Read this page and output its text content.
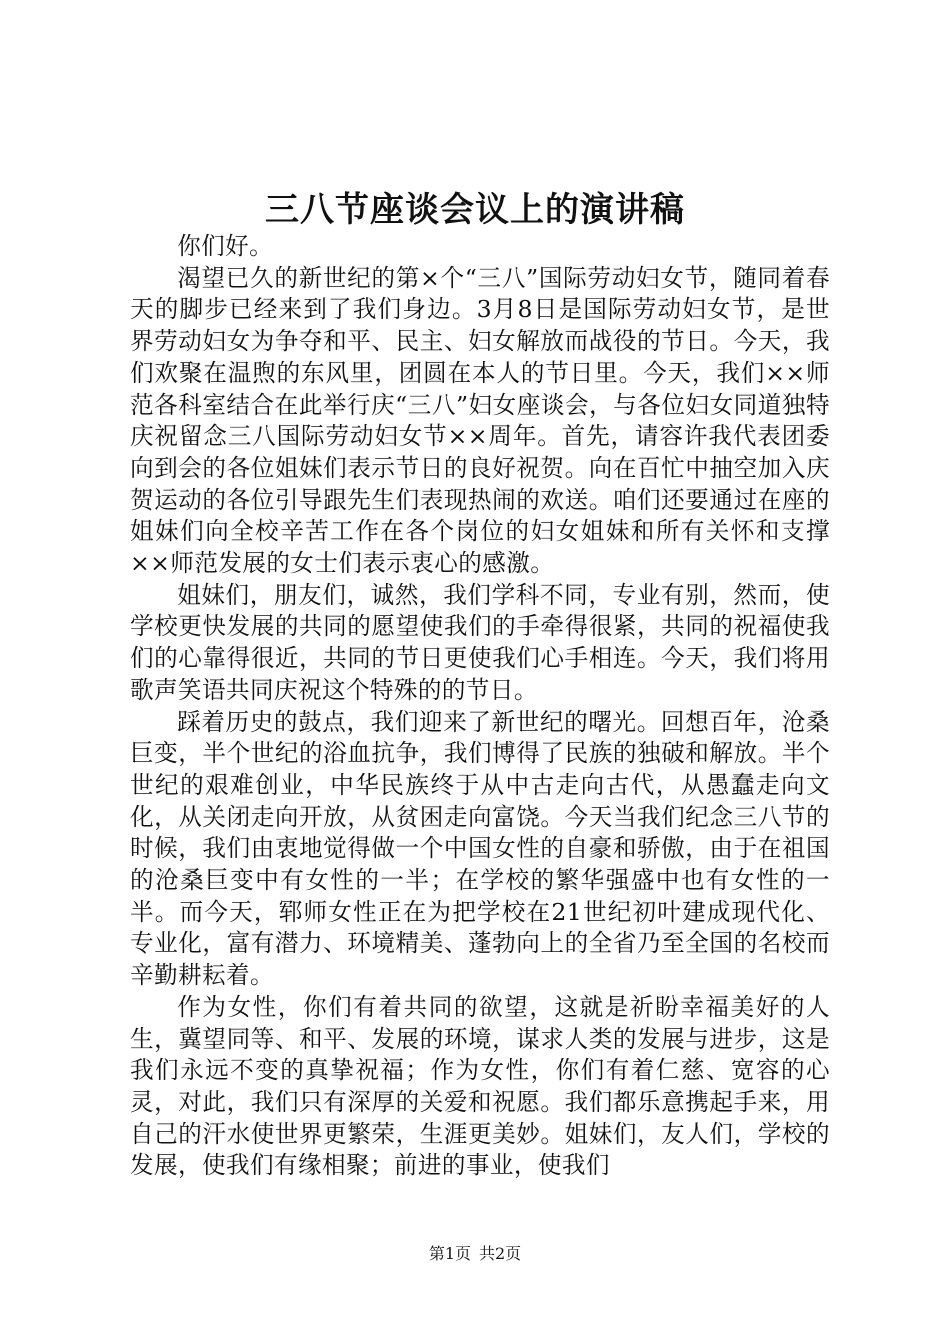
三八节座谈会议上的演讲稿

你们好。

渴望已久的新世纪的第×个“三八”国际劳动妇女节，随同着春天的脚步已经来到了我们身边。3月8日是国际劳动妇女节，是世界劳动妇女为争夺和平、民主、妇女解放而战役的节日。今天，我们欢聚在温煦的东风里，团圆在本人的节日里。今天，我们××师范各科室结合在此举行庆“三八”妇女座谈会，与各位妇女同道独特庆祝留念三八国际劳动妇女节××周年。首先，请容许我代表团委向到会的各位姐妹们表示节日的良好祝贺。向在百忙中抽空加入庆贺运动的各位引导跟先生们表现热闹的欢送。咱们还要通过在座的姐妹们向全校辛苦工作在各个岗位的妇女姐妹和所有关怀和支撑××师范发展的女士们表示衷心的感激。

姐妹们，朋友们，诚然，我们学科不同，专业有别，然而，使学校更快发展的共同的愿望使我们的手牵得很紧，共同的祝福使我们的心靠得很近，共同的节日更使我们心手相连。今天，我们将用歌声笑语共同庆祝这个特殊的的节日。

踩着历史的鼓点，我们迎来了新世纪的曙光。回想百年，沧桑巨变，半个世纪的浴血抗争，我们博得了民族的独破和解放。半个世纪的艰难创业，中华民族终于从中古走向古代，从愚蠢走向文化，从关闭走向开放，从贫困走向富饶。今天当我们纪念三八节的时候，我们由衷地觉得做一个中国女性的自豪和骄傲，由于在祖国的沧桑巨变中有女性的一半；在学校的繁华强盛中也有女性的一半。而今天，郓师女性正在为把学校在21世纪初叶建成现代化、专业化，富有潜力、环境精美、蓬勃向上的全省乃至全国的名校而辛勤耕耘着。

作为女性，你们有着共同的欲望，这就是祈盼幸福美好的人生，冀望同等、和平、发展的环境，谋求人类的发展与进步，这是我们永远不变的真挚祝福；作为女性，你们有着仁慈、宽容的心灵，对此，我们只有深厚的关爱和祝愿。我们都乐意携起手来，用自己的汗水使世界更繁荣，生涯更美妙。姐妹们，友人们，学校的发展，使我们有缘相聚；前进的事业，使我们

第1页 共2页
